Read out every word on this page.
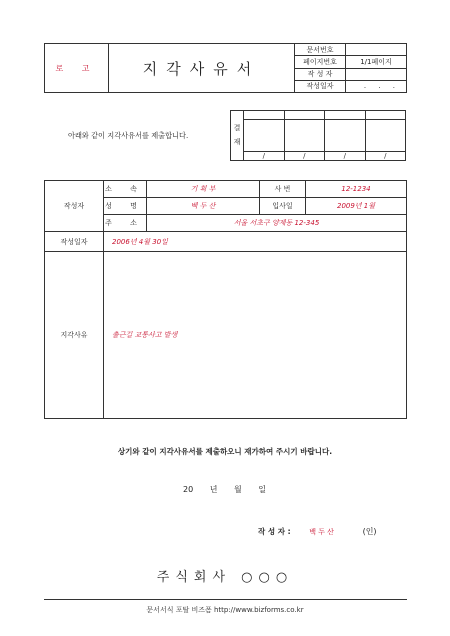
로 고	지각사유서	문서번호	
		페이지번호	1/1페이지
		작 성 자	
		작성일자	. . .
아래와 같이 지각사유서를 제출합니다.
결
재				

	/	/	/	/
작성자	소 속	기 획 부	사 번	12-1234
	성 명	백 두 산	입사일	2009년 1월
	주 소	서울 서초구 양재동 12-345		
작성일자	2006년 4월 30일			
지각사유	출근길 교통사고 발생			
상기와 같이 지각사유서를 제출하오니 재가하여 주시기 바랍니다.
20 년 월 일
작 성 자 :	백 두 산	(인)
주식회사 ○○○
문서서식 포탈 비즈폼 http://www.bizforms.co.kr
